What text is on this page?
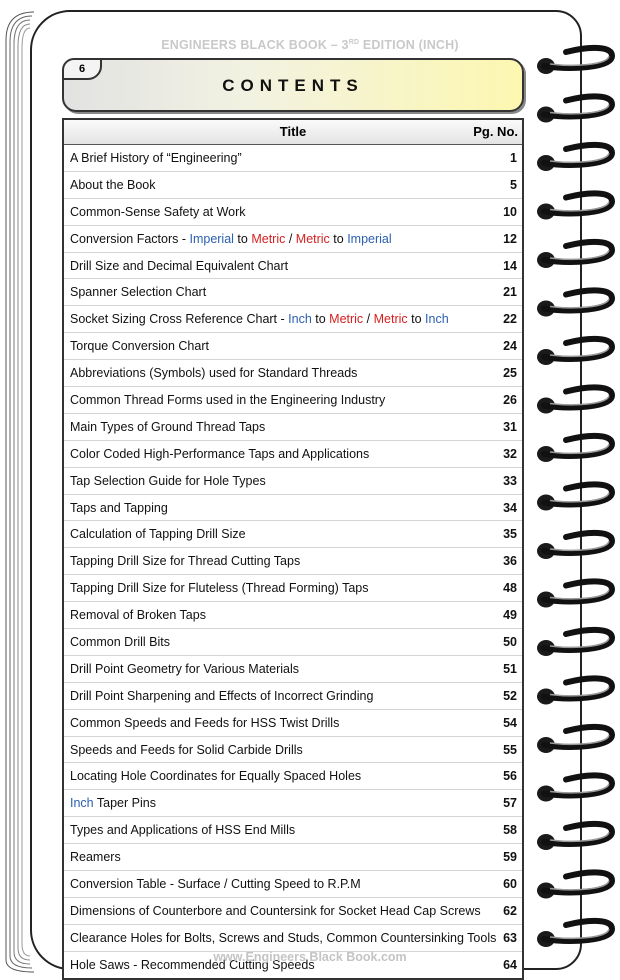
ENGINEERS BLACK BOOK – 3RD EDITION (INCH)
6
CONTENTS
Title	Pg. No.
A Brief History of “Engineering”	1
About the Book	5
Common-Sense Safety at Work	10
Conversion Factors - Imperial to Metric / Metric to Imperial	12
Drill Size and Decimal Equivalent Chart	14
Spanner Selection Chart	21
Socket Sizing Cross Reference Chart - Inch to Metric / Metric to Inch	22
Torque Conversion Chart	24
Abbreviations (Symbols) used for Standard Threads	25
Common Thread Forms used in the Engineering Industry	26
Main Types of Ground Thread Taps	31
Color Coded High-Performance Taps and Applications	32
Tap Selection Guide for Hole Types	33
Taps and Tapping	34
Calculation of Tapping Drill Size	35
Tapping Drill Size for Thread Cutting Taps	36
Tapping Drill Size for Fluteless (Thread Forming) Taps	48
Removal of Broken Taps	49
Common Drill Bits	50
Drill Point Geometry for Various Materials	51
Drill Point Sharpening and Effects of Incorrect Grinding	52
Common Speeds and Feeds for HSS Twist Drills	54
Speeds and Feeds for Solid Carbide Drills	55
Locating Hole Coordinates for Equally Spaced Holes	56
Inch Taper Pins	57
Types and Applications of HSS End Mills	58
Reamers	59
Conversion Table - Surface / Cutting Speed to R.P.M	60
Dimensions of Counterbore and Countersink for Socket Head Cap Screws 62
Clearance Holes for Bolts, Screws and Studs, Common Countersinking Tools 63
Hole Saws - Recommended Cutting Speeds	64
www.Engineers Black Book.com
